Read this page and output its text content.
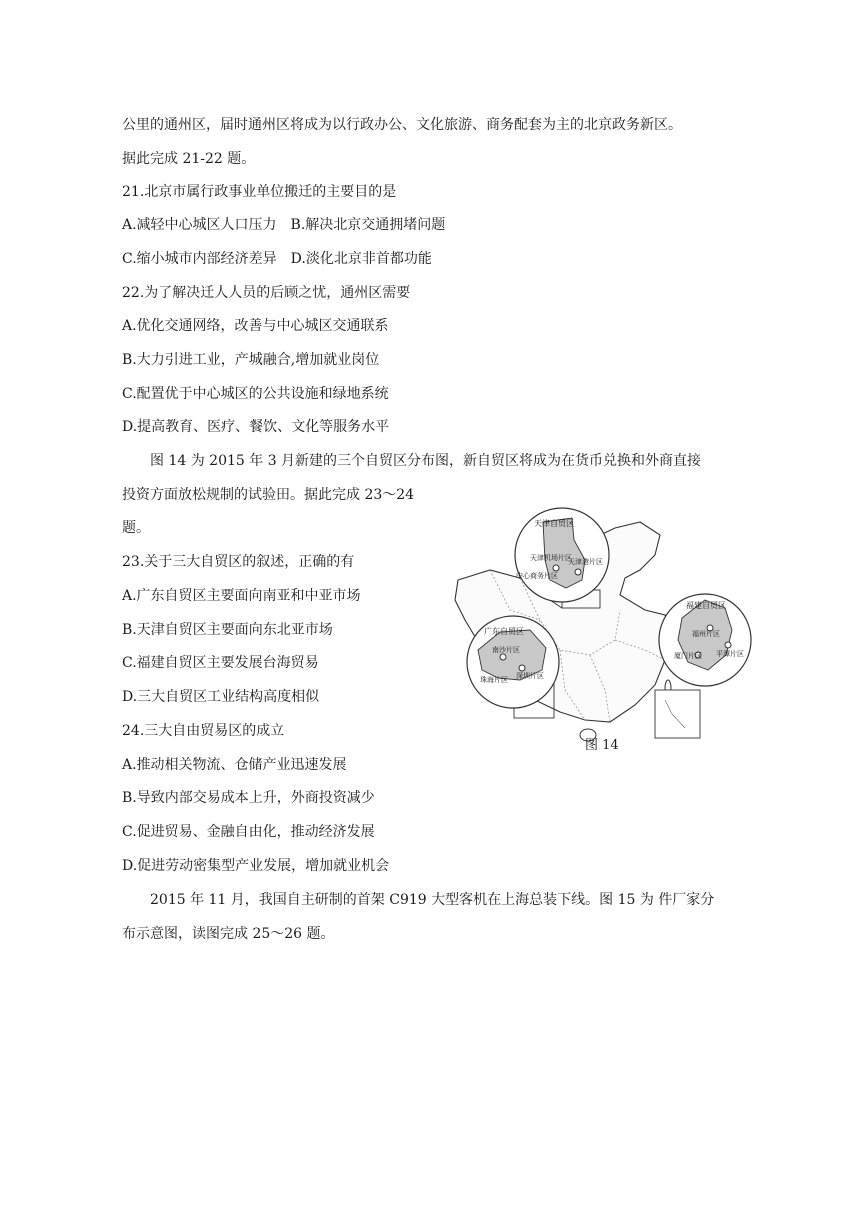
公里的通州区，届时通州区将成为以行政办公、文化旅游、商务配套为主的北京政务新区。
据此完成 21-22 题。
21.北京市属行政事业单位搬迁的主要目的是
A.减轻中心城区人口压力　B.解决北京交通拥堵问题
C.缩小城市内部经济差异　D.淡化北京非首都功能
22.为了解决迁人人员的后顾之忧，通州区需要
A.优化交通网络，改善与中心城区交通联系
B.大力引进工业，产城融合,增加就业岗位
C.配置优于中心城区的公共设施和绿地系统
D.提高教育、医疗、餐饮、文化等服务水平
图 14 为 2015 年 3 月新建的三个自贸区分布图，新自贸区将成为在货币兑换和外商直接
投资方面放松规制的试验田。据此完成 23～24
题。
23.关于三大自贸区的叙述，正确的有
A.广东自贸区主要面向南亚和中亚市场
B.天津自贸区主要面向东北亚市场
C.福建自贸区主要发展台海贸易
D.三大自贸区工业结构高度相似
24.三大自由贸易区的成立
A.推动相关物流、仓储产业迅速发展
B.导致内部交易成本上升，外商投资减少
C.促进贸易、金融自由化，推动经济发展
D.促进劳动密集型产业发展，增加就业机会
2015 年 11 月，我国自主研制的首架 C919 大型客机在上海总装下线。图 15 为 件厂家分
布示意图，读图完成 25～26 题。
天津自贸区
天津机场片区
天津港片区
中心商务片区
广东自贸区
南沙片区
深圳片区
珠海片区
福建自贸区
福州片区
厦门片区 平潭片区
图 14
